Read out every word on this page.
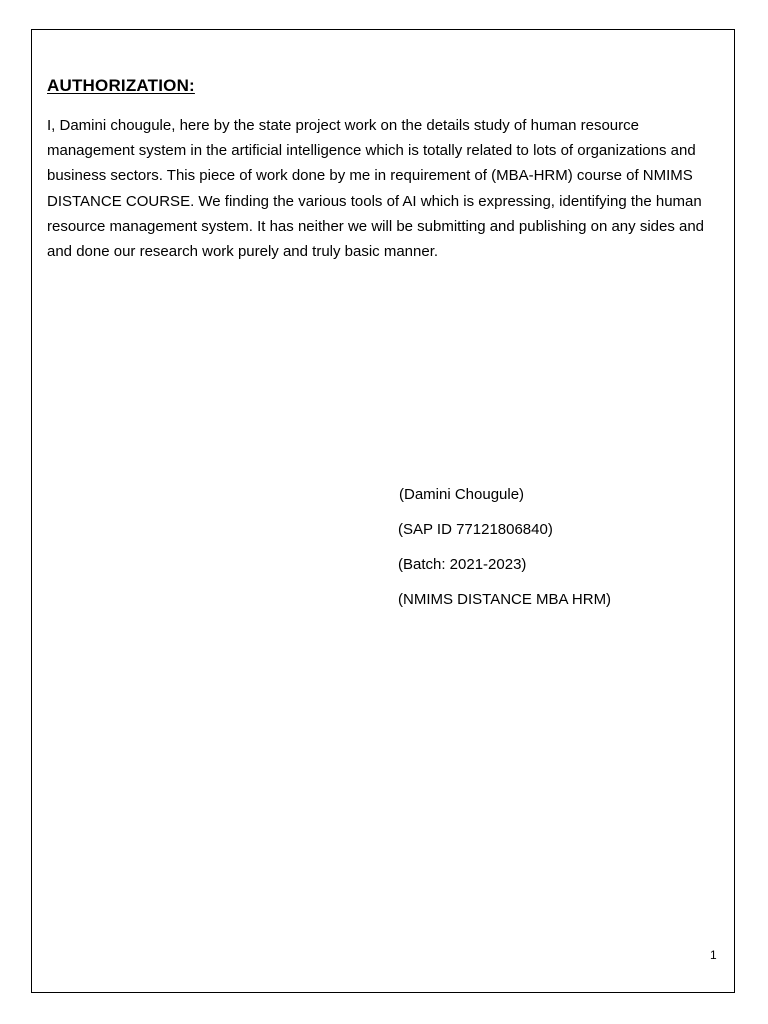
AUTHORIZATION:

I, Damini chougule, here by the state project work on the details study of human resource management system in the artificial intelligence which is totally related to lots of organizations and business sectors. This piece of work done by me in requirement of (MBA-HRM) course of NMIMS DISTANCE COURSE. We finding the various tools of AI which is expressing, identifying the human resource management system. It has neither we will be submitting and publishing on any sides and and done our research work purely and truly basic manner.

(Damini Chougule)
(SAP ID 77121806840)
(Batch: 2021-2023)
(NMIMS DISTANCE MBA HRM)
1
